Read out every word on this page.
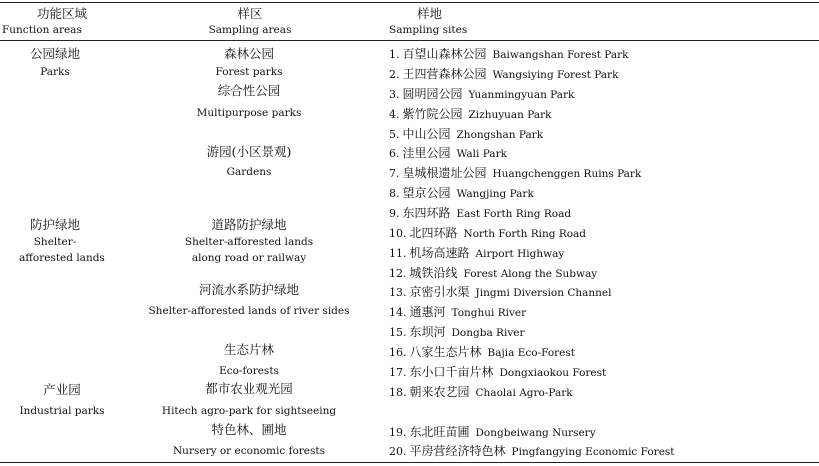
功能区域
Function areas
样区
Sampling areas
样地
Sampling sites
公园绿地
Parks
防护绿地
Shelter-
afforested lands
产业园
Industrial parks
森林公园
Forest parks
综合性公园
Multipurpose parks
游园(小区景观)
Gardens
道路防护绿地
Shelter-afforested lands
along road or railway
河流水系防护绿地
Shelter-afforested lands of river sides
生态片林
Eco-forests
都市农业观光园
Hitech agro-park for sightseeing
特色林、圃地
Nursery or economic forests
1. 百望山森林公园 Baiwangshan Forest Park
2. 王四营森林公园 Wangsiying Forest Park
3. 圆明园公园 Yuanmingyuan Park
4. 紫竹院公园 Zizhuyuan Park
5. 中山公园 Zhongshan Park
6. 洼里公园 Wali Park
7. 皇城根遗址公园 Huangchenggen Ruins Park
8. 望京公园 Wangjing Park
9. 东四环路 East Forth Ring Road
10. 北四环路 North Forth Ring Road
11. 机场高速路 Airport Highway
12. 城铁沿线 Forest Along the Subway
13. 京密引水渠 Jingmi Diversion Channel
14. 通惠河 Tonghui River
15. 东坝河 Dongba River
16. 八家生态片林 Bajia Eco-Forest
17. 东小口千亩片林 Dongxiaokou Forest
18. 朝来农艺园 Chaolai Agro-Park
19. 东北旺苗圃 Dongbeiwang Nursery
20. 平房营经济特色林 Pingfangying Economic Forest
